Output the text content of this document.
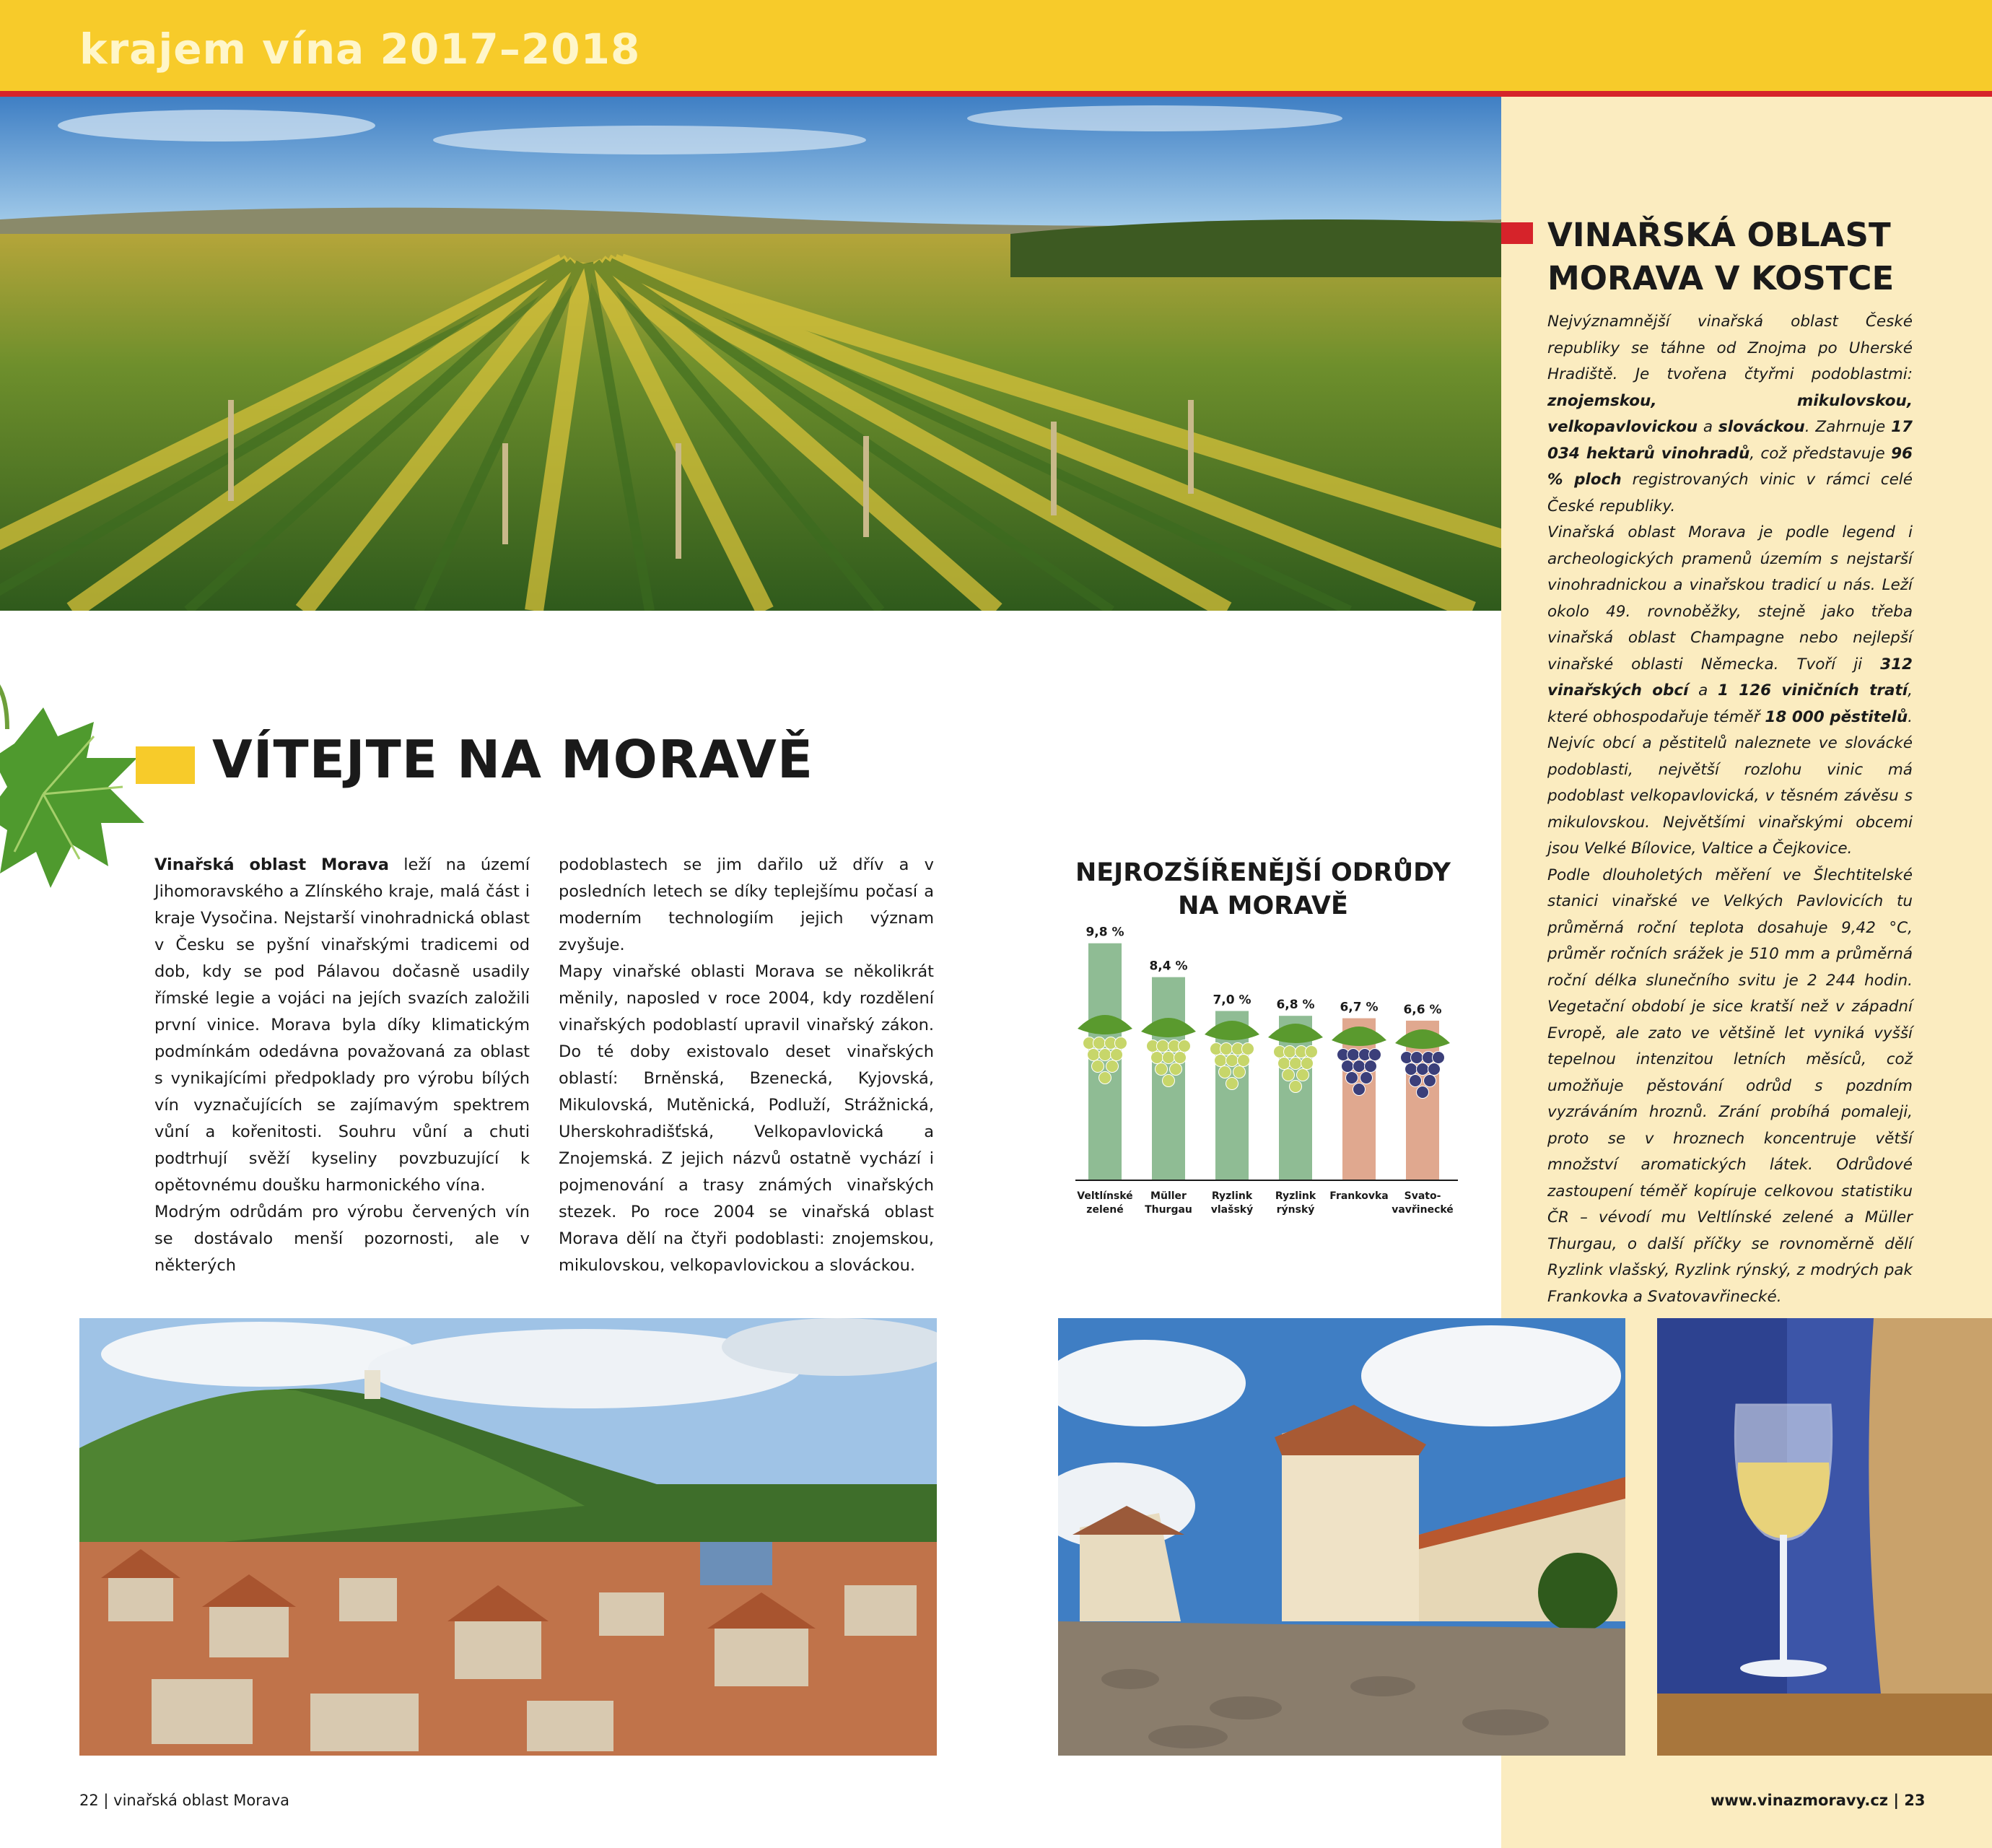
krajem vína 2017–2018
VÍTEJTE NA MORAVĚ

Vinařská oblast Morava leží na území Jihomoravského a Zlínského kraje, malá část i kraje Vysočina. Nejstarší vinohradnická oblast v Česku se pyšní vinařskými tradicemi od dob, kdy se pod Pálavou dočasně usadily římské legie a vojáci na jejích svazích založili první vinice. Morava byla díky klimatickým podmínkám odedávna považovaná za oblast s vynikajícími předpoklady pro výrobu bílých vín vyznačujících se zajímavým spektrem vůní a kořenitosti. Souhru vůní a chuti podtrhují svěží kyseliny povzbuzující k opětovnému doušku harmonického vína.

Modrým odrůdám pro výrobu červených vín se dostávalo menší pozornosti, ale v některých

podoblastech se jim dařilo už dřív a v posledních letech se díky teplejšímu počasí a moderním technologiím jejich význam zvyšuje.

Mapy vinařské oblasti Morava se několikrát měnily, naposled v roce 2004, kdy rozdělení vinařských podoblastí upravil vinařský zákon. Do té doby existovalo deset vinařských oblastí: Brněnská, Bzenecká, Kyjovská, Mikulovská, Mutěnická, Podluží, Strážnická, Uherskohradišťská, Velkopavlovická a Znojemská. Z jejich názvů ostatně vychází i pojmenování a trasy známých vinařských stezek. Po roce 2004 se vinařská oblast Morava dělí na čtyři podoblasti: znojemskou, mikulovskou, velkopavlovickou a slováckou.

NEJROZŠÍŘENĚJŠÍ ODRŮDY
NA MORAVĚ
9,8 %
Veltlínské
zelené
8,4 %
Müller
Thurgau
7,0 %
Ryzlink
vlašský
6,8 %
Ryzlink
rýnský
6,7 %
Frankovka
6,6 %
Svato-
vavřinecké
VINAŘSKÁ OBLAST
MORAVA V KOSTCE

Nejvýznamnější vinařská oblast České republiky se táhne od Znojma po Uherské Hradiště. Je tvořena čtyřmi podoblastmi: znojemskou, mikulovskou, velkopavlovickou a slováckou. Zahrnuje 17 034 hektarů vinohradů, což představuje 96 % ploch registrovaných vinic v rámci celé České republiky.

Vinařská oblast Morava je podle legend i archeologických pramenů územím s nejstarší vinohradnickou a vinařskou tradicí u nás. Leží okolo 49. rovnoběžky, stejně jako třeba vinařská oblast Champagne nebo nejlepší vinařské oblasti Německa. Tvoří ji 312 vinařských obcí a 1 126 viničních tratí, které obhospodařuje téměř 18 000 pěstitelů. Nejvíc obcí a pěstitelů naleznete ve slovácké podoblasti, největší rozlohu vinic má podoblast velkopavlovická, v těsném závěsu s mikulovskou. Největšími vinařskými obcemi jsou Velké Bílovice, Valtice a Čejkovice.

Podle dlouholetých měření ve Šlechtitelské stanici vinařské ve Velkých Pavlovicích tu průměrná roční teplota dosahuje 9,42 °C, průměr ročních srážek je 510 mm a průměrná roční délka slunečního svitu je 2 244 hodin. Vegetační období je sice kratší než v západní Evropě, ale zato ve většině let vyniká vyšší tepelnou intenzitou letních měsíců, což umožňuje pěstování odrůd s pozdním vyzráváním hroznů. Zrání probíhá pomaleji, proto se v hroznech koncentruje větší množství aromatických látek. Odrůdové zastoupení téměř kopíruje celkovou statistiku ČR – vévodí mu Veltlínské zelené a Müller Thurgau, o další příčky se rovnoměrně dělí Ryzlink vlašský, Ryzlink rýnský, z modrých pak Frankovka a Svatovavřinecké.

22 | vinařská oblast Morava	www.vinazmoravy.cz | 23
